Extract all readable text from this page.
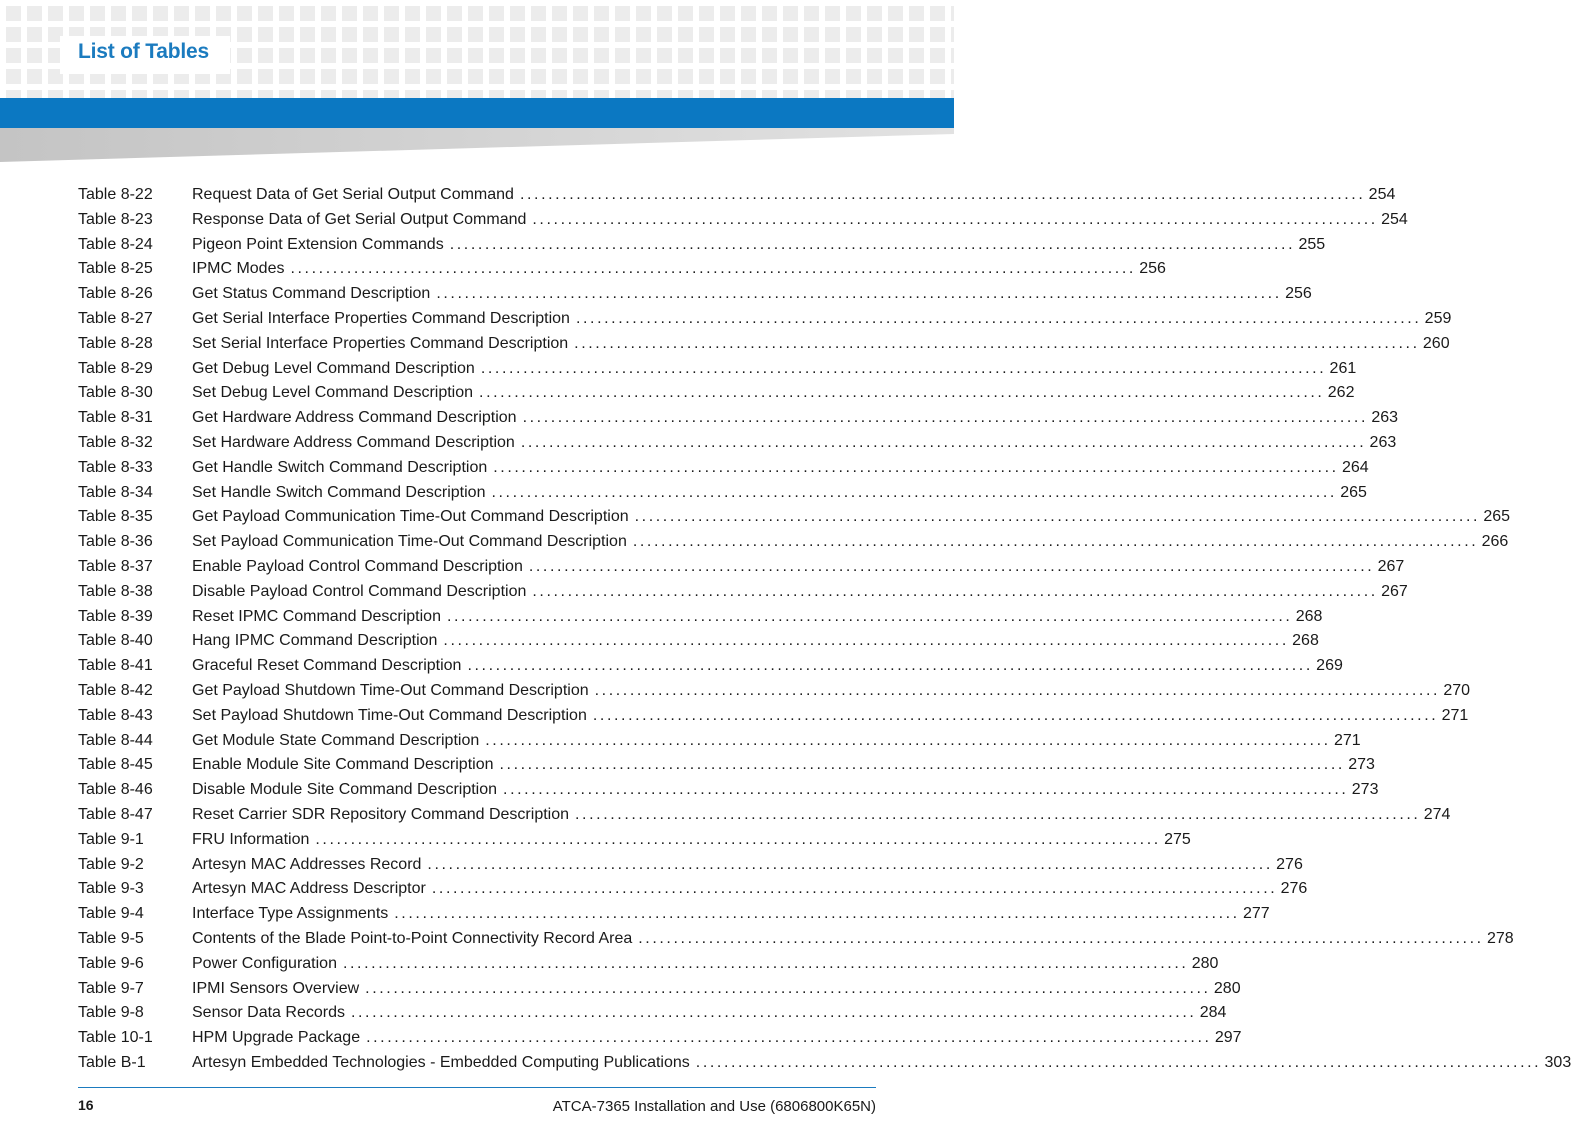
List of Tables
Table 8-22	Request Data of Get Serial Output Command ........................................................................................................................ 254
Table 8-23	Response Data of Get Serial Output Command ........................................................................................................................ 254
Table 8-24	Pigeon Point Extension Commands ........................................................................................................................ 255
Table 8-25	IPMC Modes ........................................................................................................................ 256
Table 8-26	Get Status Command Description ........................................................................................................................ 256
Table 8-27	Get Serial Interface Properties Command Description ........................................................................................................................ 259
Table 8-28	Set Serial Interface Properties Command Description ........................................................................................................................ 260
Table 8-29	Get Debug Level Command Description ........................................................................................................................ 261
Table 8-30	Set Debug Level Command Description ........................................................................................................................ 262
Table 8-31	Get Hardware Address Command Description ........................................................................................................................ 263
Table 8-32	Set Hardware Address Command Description ........................................................................................................................ 263
Table 8-33	Get Handle Switch Command Description ........................................................................................................................ 264
Table 8-34	Set Handle Switch Command Description ........................................................................................................................ 265
Table 8-35	Get Payload Communication Time-Out Command Description ........................................................................................................................ 265
Table 8-36	Set Payload Communication Time-Out Command Description ........................................................................................................................ 266
Table 8-37	Enable Payload Control Command Description ........................................................................................................................ 267
Table 8-38	Disable Payload Control Command Description ........................................................................................................................ 267
Table 8-39	Reset IPMC Command Description ........................................................................................................................ 268
Table 8-40	Hang IPMC Command Description ........................................................................................................................ 268
Table 8-41	Graceful Reset Command Description ........................................................................................................................ 269
Table 8-42	Get Payload Shutdown Time-Out Command Description ........................................................................................................................ 270
Table 8-43	Set Payload Shutdown Time-Out Command Description ........................................................................................................................ 271
Table 8-44	Get Module State Command Description ........................................................................................................................ 271
Table 8-45	Enable Module Site Command Description ........................................................................................................................ 273
Table 8-46	Disable Module Site Command Description ........................................................................................................................ 273
Table 8-47	Reset Carrier SDR Repository Command Description ........................................................................................................................ 274
Table 9-1	FRU Information ........................................................................................................................ 275
Table 9-2	Artesyn MAC Addresses Record ........................................................................................................................ 276
Table 9-3	Artesyn MAC Address Descriptor ........................................................................................................................ 276
Table 9-4	Interface Type Assignments ........................................................................................................................ 277
Table 9-5	Contents of the Blade Point-to-Point Connectivity Record Area ........................................................................................................................ 278
Table 9-6	Power Configuration ........................................................................................................................ 280
Table 9-7	IPMI Sensors Overview ........................................................................................................................ 280
Table 9-8	Sensor Data Records ........................................................................................................................ 284
Table 10-1	HPM Upgrade Package ........................................................................................................................ 297
Table B-1	Artesyn Embedded Technologies - Embedded Computing Publications ........................................................................................................................ 303
16	ATCA-7365 Installation and Use (6806800K65N)
